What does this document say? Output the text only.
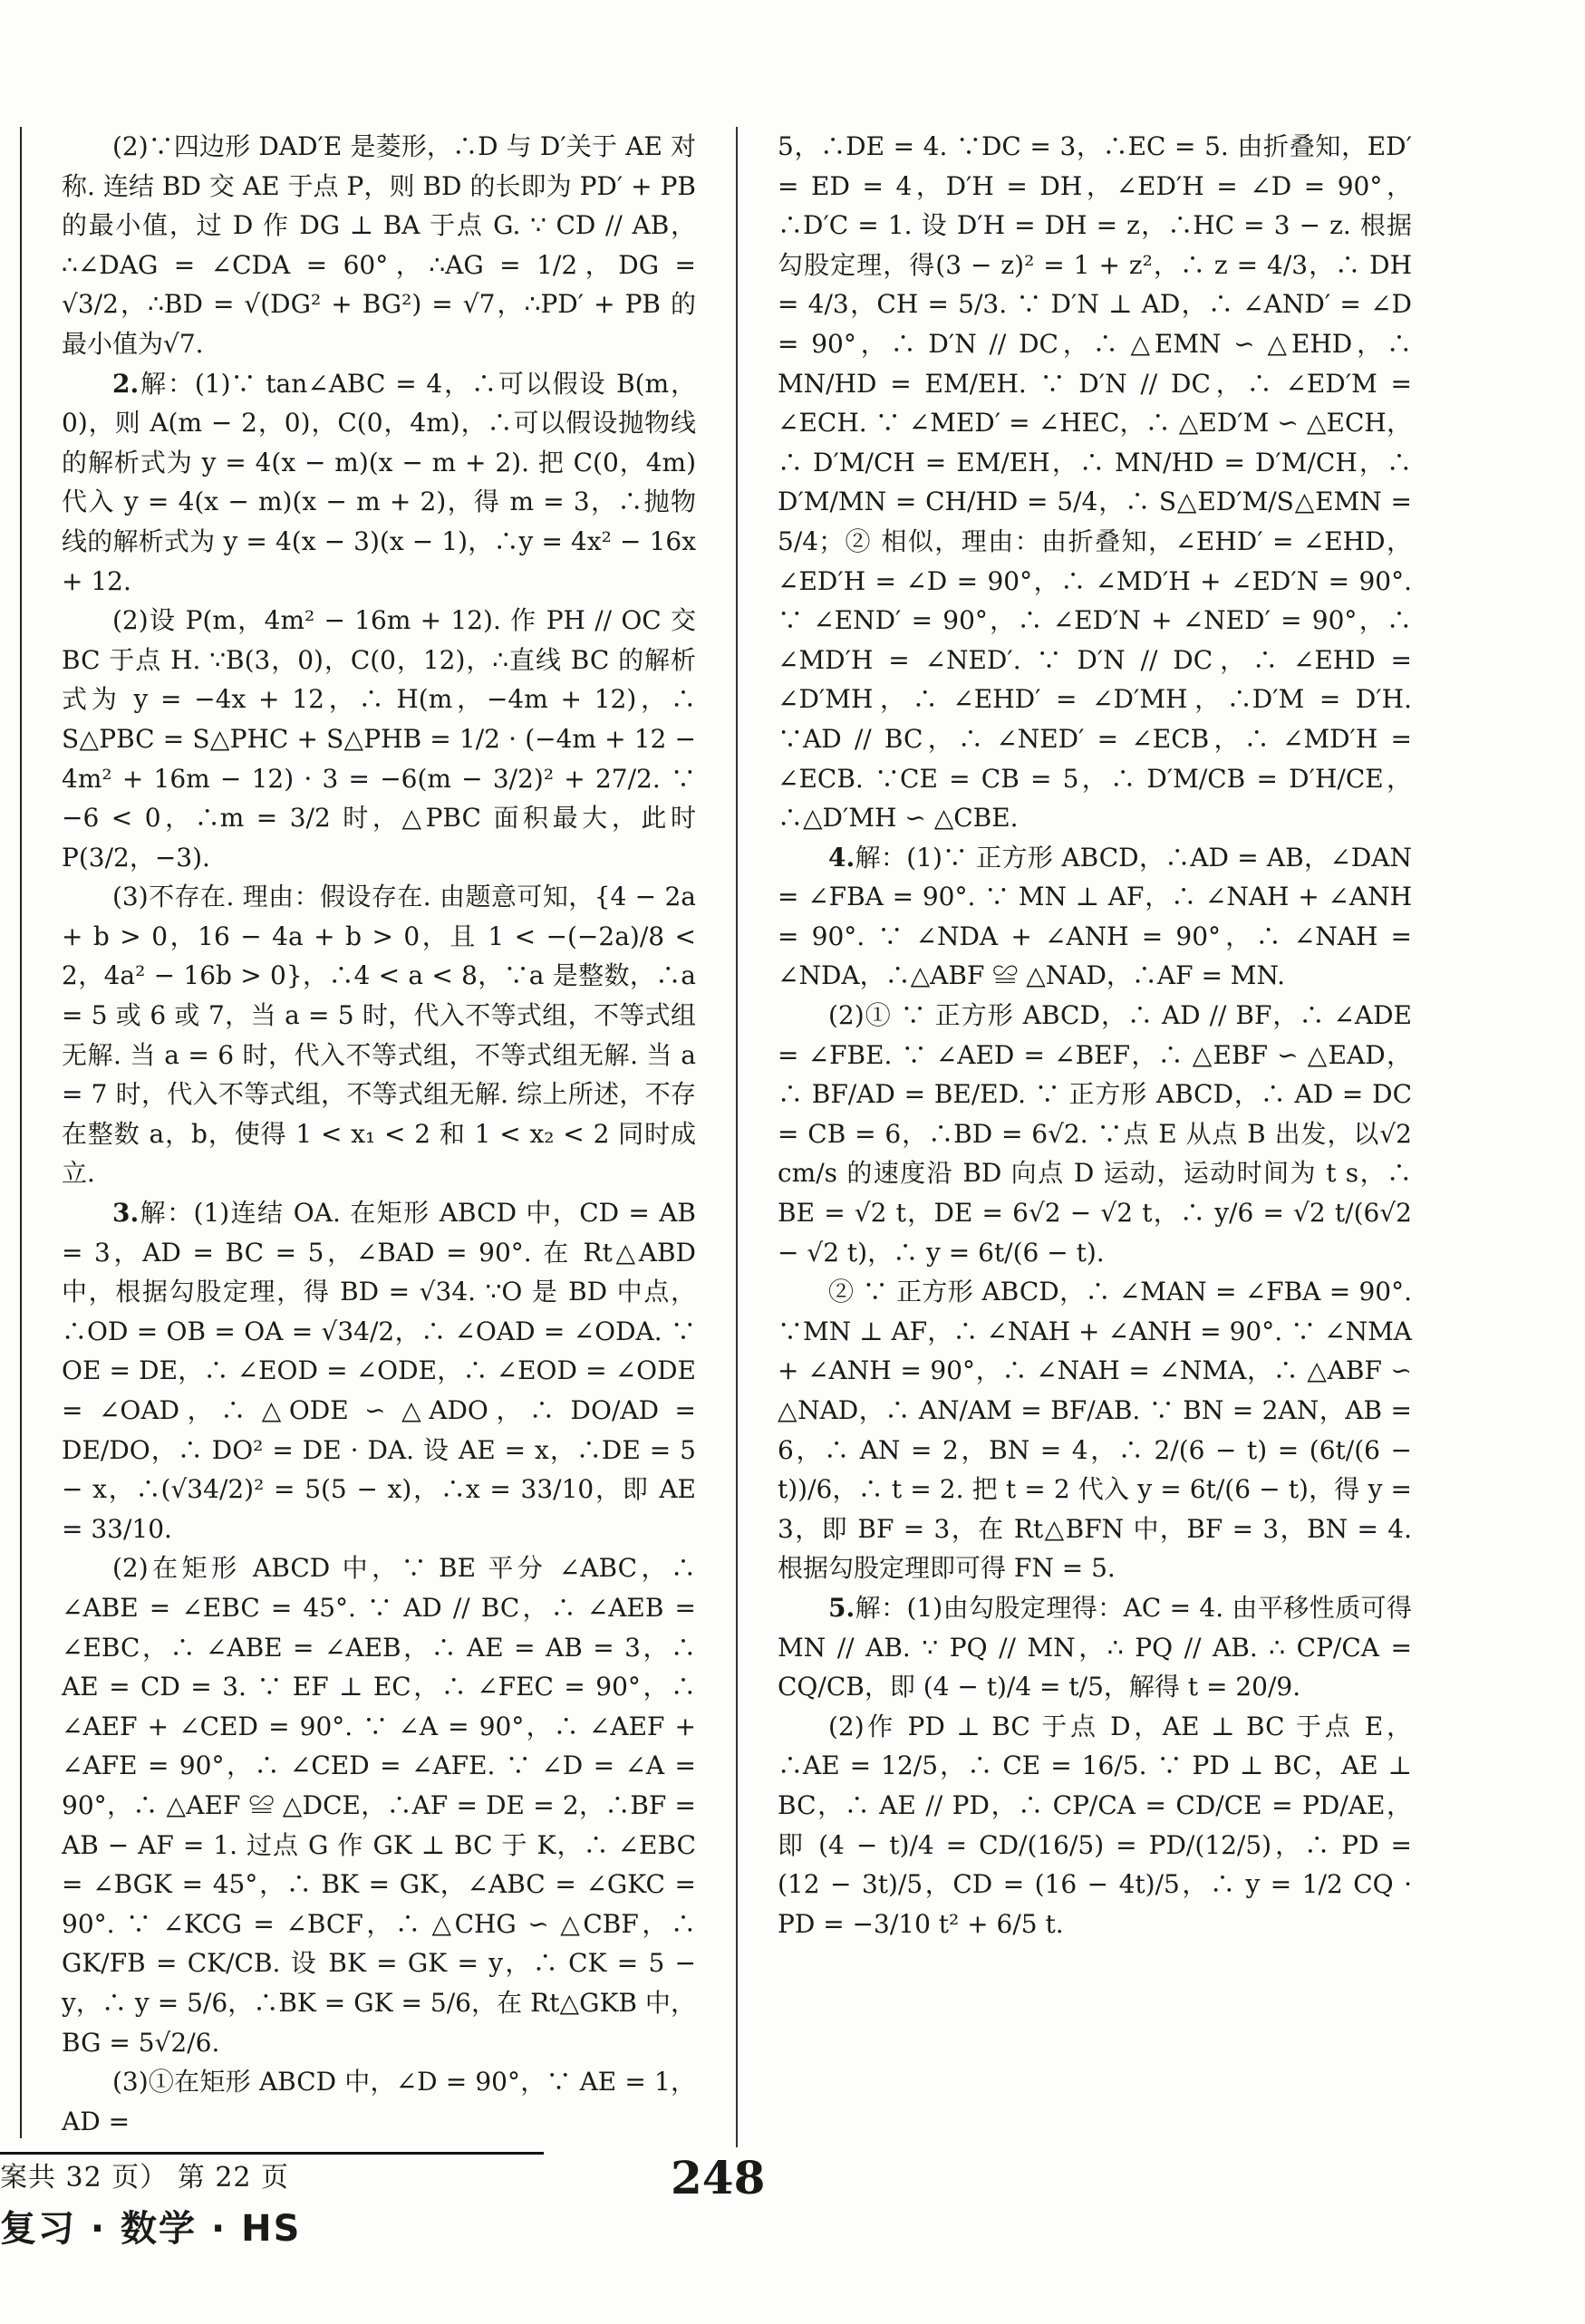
(2)∵四边形 DAD′E 是菱形，∴D 与 D′关于 AE 对称. 连结 BD 交 AE 于点 P，则 BD 的长即为 PD′ + PB 的最小值，过 D 作 DG ⊥ BA 于点 G. ∵ CD // AB，∴∠DAG = ∠CDA = 60°，∴AG = 1/2，DG = √3/2，∴BD = √(DG² + BG²) = √7，∴PD′ + PB 的最小值为√7.

2.解：(1)∵ tan∠ABC = 4，∴可以假设 B(m，0)，则 A(m − 2，0)，C(0，4m)，∴可以假设抛物线的解析式为 y = 4(x − m)(x − m + 2). 把 C(0，4m)代入 y = 4(x − m)(x − m + 2)，得 m = 3，∴抛物线的解析式为 y = 4(x − 3)(x − 1)，∴y = 4x² − 16x + 12.

(2)设 P(m，4m² − 16m + 12). 作 PH // OC 交 BC 于点 H. ∵B(3，0)，C(0，12)，∴直线 BC 的解析式为 y = −4x + 12，∴ H(m，−4m + 12)，∴ S△PBC = S△PHC + S△PHB = 1/2 · (−4m + 12 − 4m² + 16m − 12) · 3 = −6(m − 3/2)² + 27/2. ∵ −6 < 0，∴m = 3/2 时，△PBC 面积最大，此时 P(3/2，−3).

(3)不存在. 理由：假设存在. 由题意可知，{4 − 2a + b > 0，16 − 4a + b > 0，且 1 < −(−2a)/8 < 2，4a² − 16b > 0}，∴4 < a < 8，∵a 是整数，∴a = 5 或 6 或 7，当 a = 5 时，代入不等式组，不等式组无解. 当 a = 6 时，代入不等式组，不等式组无解. 当 a = 7 时，代入不等式组，不等式组无解. 综上所述，不存在整数 a，b，使得 1 < x₁ < 2 和 1 < x₂ < 2 同时成立.

3.解：(1)连结 OA. 在矩形 ABCD 中，CD = AB = 3，AD = BC = 5，∠BAD = 90°. 在 Rt△ABD 中，根据勾股定理，得 BD = √34. ∵O 是 BD 中点，∴OD = OB = OA = √34/2，∴ ∠OAD = ∠ODA. ∵ OE = DE，∴ ∠EOD = ∠ODE，∴ ∠EOD = ∠ODE = ∠OAD，∴ △ODE ∽ △ADO，∴ DO/AD = DE/DO，∴ DO² = DE · DA. 设 AE = x，∴DE = 5 − x，∴(√34/2)² = 5(5 − x)，∴x = 33/10，即 AE = 33/10.

(2)在矩形 ABCD 中，∵ BE 平分 ∠ABC，∴ ∠ABE = ∠EBC = 45°. ∵ AD // BC，∴ ∠AEB = ∠EBC，∴ ∠ABE = ∠AEB，∴ AE = AB = 3，∴ AE = CD = 3. ∵ EF ⊥ EC，∴ ∠FEC = 90°，∴ ∠AEF + ∠CED = 90°. ∵ ∠A = 90°，∴ ∠AEF + ∠AFE = 90°，∴ ∠CED = ∠AFE. ∵ ∠D = ∠A = 90°，∴ △AEF ≌ △DCE，∴AF = DE = 2，∴BF = AB − AF = 1. 过点 G 作 GK ⊥ BC 于 K，∴ ∠EBC = ∠BGK = 45°，∴ BK = GK，∠ABC = ∠GKC = 90°. ∵ ∠KCG = ∠BCF，∴ △CHG ∽ △CBF，∴ GK/FB = CK/CB. 设 BK = GK = y，∴ CK = 5 − y，∴ y = 5/6，∴BK = GK = 5/6，在 Rt△GKB 中，BG = 5√2/6.

(3)①在矩形 ABCD 中，∠D = 90°，∵ AE = 1，AD =

5，∴DE = 4. ∵DC = 3，∴EC = 5. 由折叠知，ED′ = ED = 4，D′H = DH，∠ED′H = ∠D = 90°，∴D′C = 1. 设 D′H = DH = z，∴HC = 3 − z. 根据勾股定理，得(3 − z)² = 1 + z²，∴ z = 4/3，∴ DH = 4/3，CH = 5/3. ∵ D′N ⊥ AD，∴ ∠AND′ = ∠D = 90°，∴ D′N // DC，∴ △EMN ∽ △EHD，∴ MN/HD = EM/EH. ∵ D′N // DC，∴ ∠ED′M = ∠ECH. ∵ ∠MED′ = ∠HEC，∴ △ED′M ∽ △ECH，∴ D′M/CH = EM/EH，∴ MN/HD = D′M/CH，∴ D′M/MN = CH/HD = 5/4，∴ S△ED′M/S△EMN = 5/4；② 相似，理由：由折叠知，∠EHD′ = ∠EHD，∠ED′H = ∠D = 90°，∴ ∠MD′H + ∠ED′N = 90°. ∵ ∠END′ = 90°，∴ ∠ED′N + ∠NED′ = 90°，∴ ∠MD′H = ∠NED′. ∵ D′N // DC，∴ ∠EHD = ∠D′MH，∴ ∠EHD′ = ∠D′MH，∴D′M = D′H. ∵AD // BC，∴ ∠NED′ = ∠ECB，∴ ∠MD′H = ∠ECB. ∵CE = CB = 5，∴ D′M/CB = D′H/CE，∴△D′MH ∽ △CBE.

4.解：(1)∵ 正方形 ABCD，∴AD = AB，∠DAN = ∠FBA = 90°. ∵ MN ⊥ AF，∴ ∠NAH + ∠ANH = 90°. ∵ ∠NDA + ∠ANH = 90°，∴ ∠NAH = ∠NDA，∴△ABF ≌ △NAD，∴AF = MN.

(2)① ∵ 正方形 ABCD，∴ AD // BF，∴ ∠ADE = ∠FBE. ∵ ∠AED = ∠BEF，∴ △EBF ∽ △EAD，∴ BF/AD = BE/ED. ∵ 正方形 ABCD，∴ AD = DC = CB = 6，∴BD = 6√2. ∵点 E 从点 B 出发，以√2 cm/s 的速度沿 BD 向点 D 运动，运动时间为 t s，∴ BE = √2 t，DE = 6√2 − √2 t，∴ y/6 = √2 t/(6√2 − √2 t)，∴ y = 6t/(6 − t).

② ∵ 正方形 ABCD，∴ ∠MAN = ∠FBA = 90°. ∵MN ⊥ AF，∴ ∠NAH + ∠ANH = 90°. ∵ ∠NMA + ∠ANH = 90°，∴ ∠NAH = ∠NMA，∴ △ABF ∽ △NAD，∴ AN/AM = BF/AB. ∵ BN = 2AN，AB = 6，∴ AN = 2，BN = 4，∴ 2/(6 − t) = (6t/(6 − t))/6，∴ t = 2. 把 t = 2 代入 y = 6t/(6 − t)，得 y = 3，即 BF = 3，在 Rt△BFN 中，BF = 3，BN = 4. 根据勾股定理即可得 FN = 5.

5.解：(1)由勾股定理得：AC = 4. 由平移性质可得 MN // AB. ∵ PQ // MN，∴ PQ // AB. ∴ CP/CA = CQ/CB，即 (4 − t)/4 = t/5，解得 t = 20/9.

(2)作 PD ⊥ BC 于点 D，AE ⊥ BC 于点 E，∴AE = 12/5，∴ CE = 16/5. ∵ PD ⊥ BC，AE ⊥ BC，∴ AE // PD，∴ CP/CA = CD/CE = PD/AE，即 (4 − t)/4 = CD/(16/5) = PD/(12/5)，∴ PD = (12 − 3t)/5，CD = (16 − 4t)/5，∴ y = 1/2 CQ · PD = −3/10 t² + 6/5 t.

案共 32 页） 第 22 页
复习 · 数学 · HS
248
